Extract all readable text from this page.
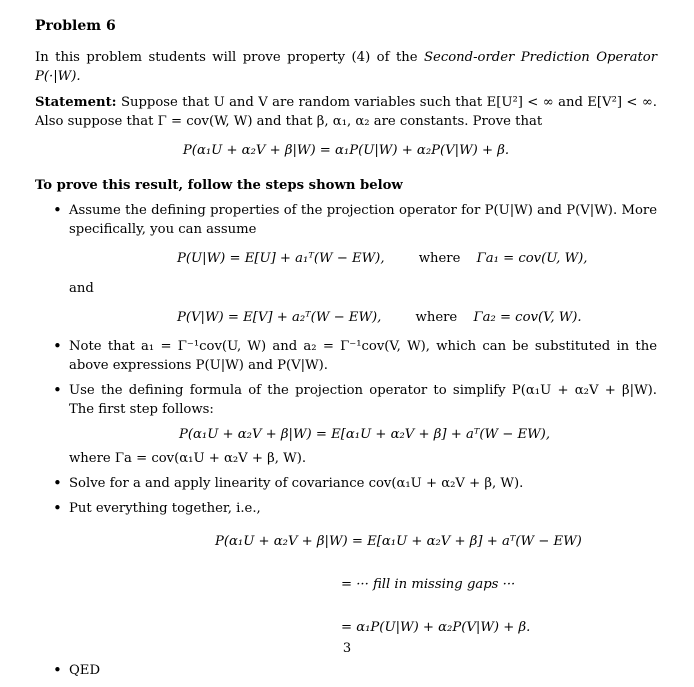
Problem 6

In this problem students will prove property (4) of the Second-order Prediction Operator P(·|W).

Statement: Suppose that U and V are random variables such that E[U²] < ∞ and E[V²] < ∞. Also suppose that Γ = cov(W, W) and that β, α₁, α₂ are constants. Prove that

P(α₁U + α₂V + β|W) = α₁P(U|W) + α₂P(V|W) + β.
To prove this result, follow the steps shown below
• Assume the defining properties of the projection operator for P(U|W) and P(V|W). More specifically, you can assume
P(U|W) = E[U] + a₁ᵀ(W − EW),	where Γa₁ = cov(U, W),
and
P(V|W) = E[V] + a₂ᵀ(W − EW),	where Γa₂ = cov(V, W).
• Note that a₁ = Γ⁻¹cov(U, W) and a₂ = Γ⁻¹cov(V, W), which can be substituted in the above expressions P(U|W) and P(V|W).
• Use the defining formula of the projection operator to simplify P(α₁U + α₂V + β|W). The first step follows:
P(α₁U + α₂V + β|W) = E[α₁U + α₂V + β] + aᵀ(W − EW),
where Γa = cov(α₁U + α₂V + β, W).
• Solve for a and apply linearity of covariance cov(α₁U + α₂V + β, W).
• Put everything together, i.e.,
P(α₁U + α₂V + β|W) = E[α₁U + α₂V + β] + aᵀ(W − EW)
= ··· fill in missing gaps ···
= α₁P(U|W) + α₂P(V|W) + β.
• QED
3
